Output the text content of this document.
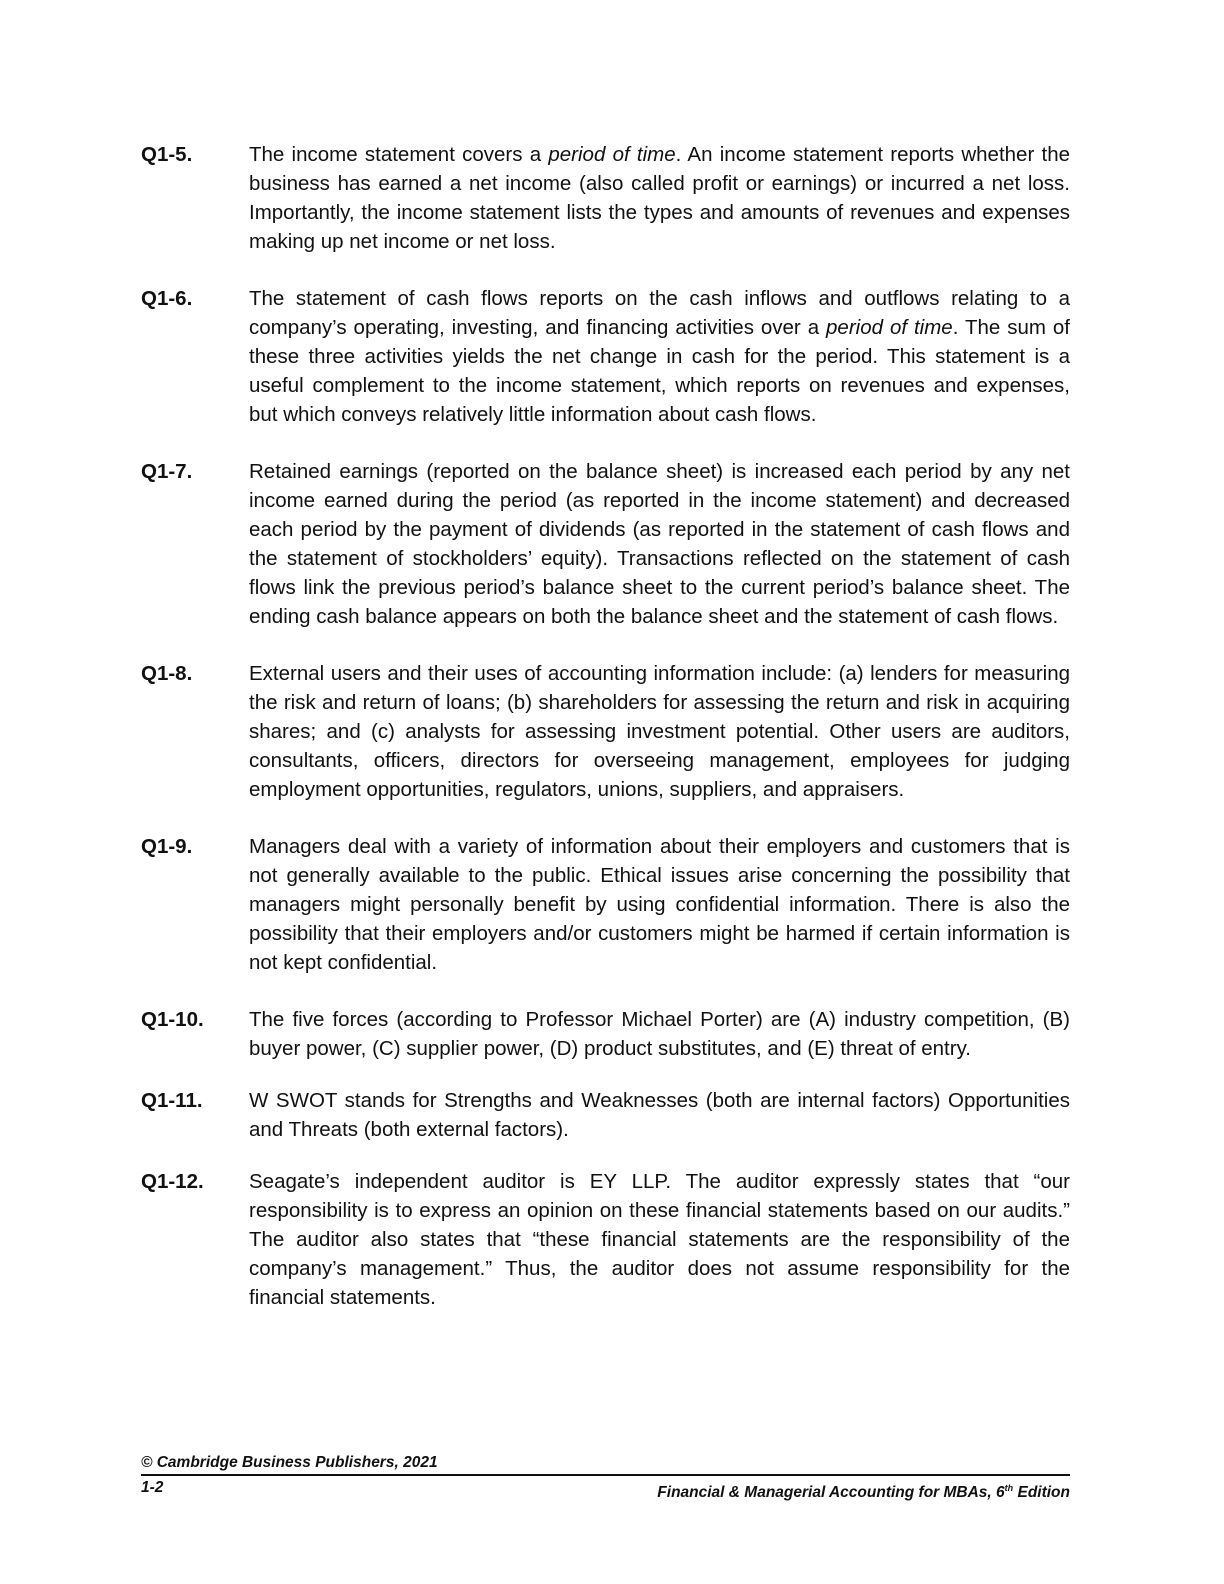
Q1-5.	The income statement covers a period of time. An income statement reports whether the business has earned a net income (also called profit or earnings) or incurred a net loss. Importantly, the income statement lists the types and amounts of revenues and expenses making up net income or net loss.
Q1-6.	The statement of cash flows reports on the cash inflows and outflows relating to a company’s operating, investing, and financing activities over a period of time. The sum of these three activities yields the net change in cash for the period. This statement is a useful complement to the income statement, which reports on revenues and expenses, but which conveys relatively little information about cash flows.
Q1-7.	Retained earnings (reported on the balance sheet) is increased each period by any net income earned during the period (as reported in the income statement) and decreased each period by the payment of dividends (as reported in the statement of cash flows and the statement of stockholders’ equity). Transactions reflected on the statement of cash flows link the previous period’s balance sheet to the current period’s balance sheet. The ending cash balance appears on both the balance sheet and the statement of cash flows.
Q1-8.	External users and their uses of accounting information include: (a) lenders for measuring the risk and return of loans; (b) shareholders for assessing the return and risk in acquiring shares; and (c) analysts for assessing investment potential. Other users are auditors, consultants, officers, directors for overseeing management, employees for judging employment opportunities, regulators, unions, suppliers, and appraisers.
Q1-9.	Managers deal with a variety of information about their employers and customers that is not generally available to the public. Ethical issues arise concerning the possibility that managers might personally benefit by using confidential information. There is also the possibility that their employers and/or customers might be harmed if certain information is not kept confidential.
Q1-10.	The five forces (according to Professor Michael Porter) are (A) industry competition, (B) buyer power, (C) supplier power, (D) product substitutes, and (E) threat of entry.
Q1-11.	W SWOT stands for Strengths and Weaknesses (both are internal factors) Opportunities and Threats (both external factors).
Q1-12.	Seagate’s independent auditor is EY LLP. The auditor expressly states that “our responsibility is to express an opinion on these financial statements based on our audits.” The auditor also states that “these financial statements are the responsibility of the company’s management.” Thus, the auditor does not assume responsibility for the financial statements.
© Cambridge Business Publishers, 2021
1-2	Financial & Managerial Accounting for MBAs, 6th Edition
